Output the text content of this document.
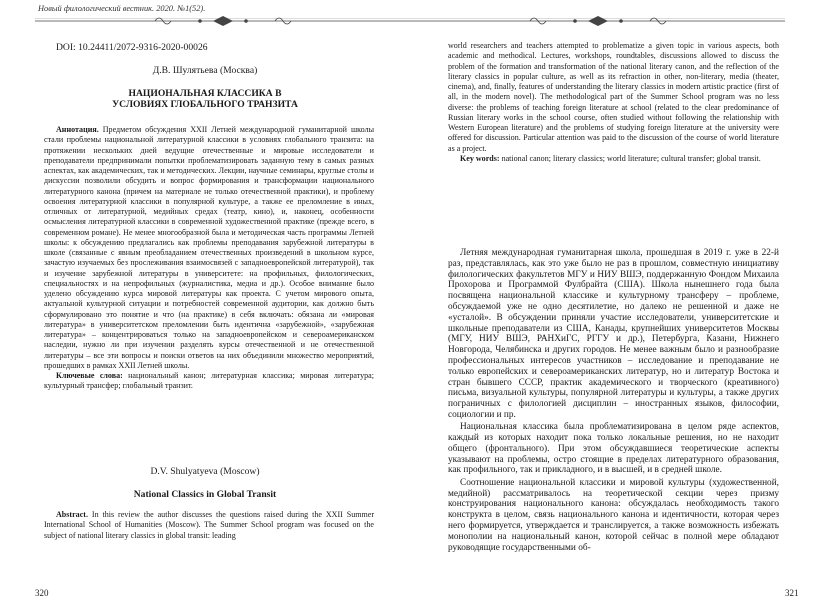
Новый филологический вестник. 2020. №1(52).
DOI: 10.24411/2072-9316-2020-00026
Д.В. Шулятьева (Москва)
НАЦИОНАЛЬНАЯ КЛАССИКА В
УСЛОВИЯХ ГЛОБАЛЬНОГО ТРАНЗИТА

Аннотация. Предметом обсуждения XXII Летней международной гуманитарной школы стали проблемы национальной литературной классики в условиях глобального транзита: на протяжении нескольких дней ведущие отечественные и мировые исследователи и преподаватели предпринимали попытки проблематизировать заданную тему в самых разных аспектах, как академических, так и методических. Лекции, научные семинары, круглые столы и дискуссии позволили обсудить и вопрос формирования и трансформации национального литературного канона (причем на материале не только отечественной практики), и проблему освоения литературной классики в популярной культуре, а также ее преломление в иных, отличных от литературной, медийных средах (театр, кино), и, наконец, особенности осмысления литературной классики в современной художественной практике (прежде всего, в современном романе). Не менее многообразной была и методическая часть программы Летней школы: к обсуждению предлагались как проблемы преподавания зарубежной литературы в школе (связанные с явным преобладанием отечественных произведений в школьном курсе, зачастую изучаемых без прослеживания взаимосвязей с западноевропейской литературой), так и изучение зарубежной литературы в университете: на профильных, филологических, специальностях и на непрофильных (журналистика, медиа и др.). Особое внимание было уделено обсуждению курса мировой литературы как проекта. С учетом мирового опыта, актуальной культурной ситуации и потребностей современной аудитории, как должно быть сформулировано это понятие и что (на практике) в себя включать: обязана ли «мировая литература» в университетском преломлении быть идентична «зарубежной», «зарубежная литература» – концентрироваться только на западноевропейском и североамериканском наследии, нужно ли при изучении разделять курсы отечественной и не отечественной литературы – все эти вопросы и поиски ответов на них объединили множество мероприятий, прошедших в рамках XXII Летней школы.

Ключевые слова: национальный канон; литературная классика; мировая литература; культурный трансфер; глобальный транзит.

D.V. Shulyatyeva (Moscow)
National Classics in Global Transit

Abstract. In this review the author discusses the questions raised during the XXII Summer International School of Humanities (Moscow). The Summer School program was focused on the subject of national literary classics in global transit: leading

320	321

world researchers and teachers attempted to problematize a given topic in various aspects, both academic and methodical. Lectures, workshops, roundtables, discussions allowed to discuss the problem of the formation and transformation of the national literary canon, and the reflection of the literary classics in popular culture, as well as its refraction in other, non-literary, media (theater, cinema), and, finally, features of understanding the literary classics in modern artistic practice (first of all, in the modern novel). The methodological part of the Summer School program was no less diverse: the problems of teaching foreign literature at school (related to the clear predominance of Russian literary works in the school course, often studied without following the relationship with Western European literature) and the problems of studying foreign literature at the university were offered for discussion. Particular attention was paid to the discussion of the course of world literature as a project.

Key words: national canon; literary classics; world literature; cultural transfer; global transit.

Летняя международная гуманитарная школа, прошедшая в 2019 г. уже в 22-й раз, представлялась, как это уже было не раз в прошлом, совместную инициативу филологических факультетов МГУ и НИУ ВШЭ, поддержанную Фондом Михаила Прохорова и Программой Фулбрайта (США). Школа нынешнего года была посвящена национальной классике и культурному трансферу – проблеме, обсуждаемой уже не одно десятилетие, но далеко не решенной и даже не «усталой». В обсуждении приняли участие исследователи, университетские и школьные преподаватели из США, Канады, крупнейших университетов Москвы (МГУ, НИУ ВШЭ, РАНХиГС, РГГУ и др.), Петербурга, Казани, Нижнего Новгорода, Челябинска и других городов. Не менее важным было и разнообразие профессиональных интересов участников – исследование и преподавание не только европейских и североамериканских литератур, но и литератур Востока и стран бывшего СССР, практик академического и творческого (креативного) письма, визуальной культуры, популярной литературы и культуры, а также других пограничных с филологией дисциплин – иностранных языков, философии, социологии и пр.

Национальная классика была проблематизирована в целом ряде аспектов, каждый из которых находит пока только локальные решения, но не находит общего (фронтального). При этом обсуждавшиеся теоретические аспекты указывают на проблемы, остро стоящие в пределах литературного образования, как профильного, так и прикладного, и в высшей, и в средней школе.

Соотношение национальной классики и мировой культуры (художественной, медийной) рассматривалось на теоретической секции через призму конструирования национального канона: обсуждалась необходимость такого конструкта в целом, связь национального канона и идентичности, которая через него формируется, утверждается и транслируется, а также возможность избежать монополии на национальный канон, которой сейчас в полной мере обладают руководящие государственными об-
